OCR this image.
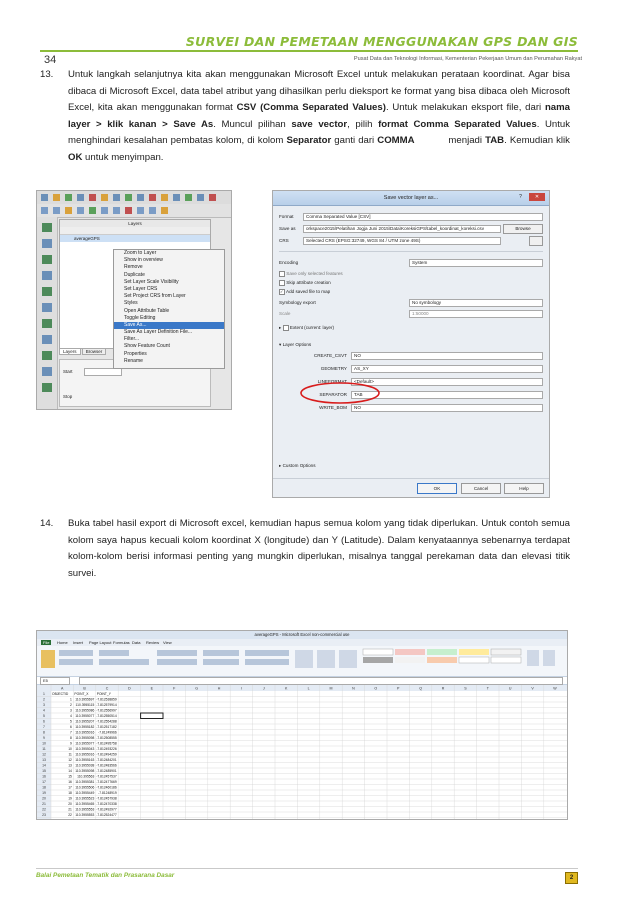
SURVEI DAN PEMETAAN MENGGUNAKAN GPS DAN GIS
34	Pusat Data dan Teknologi Informasi, Kementerian Pekerjaan Umum dan Perumahan Rakyat
13. Untuk langkah selanjutnya kita akan menggunakan Microsoft Excel untuk melakukan perataan koordinat. Agar bisa dibaca di Microsoft Excel, data tabel atribut yang dihasilkan perlu dieksport ke format yang bisa dibaca oleh Microsoft Excel, kita akan menggunakan format CSV (Comma Separated Values). Untuk melakukan eksport file, dari nama layer > klik kanan > Save As. Muncul pilihan save vector, pilih format Comma Separated Values. Untuk menghindari kesalahan pembatas kolom, di kolom Separator ganti dari COMMA           menjadi TAB. Kemudian klik OK untuk menyimpan.
Layers
averageGPS
Layers Browser
Start
Stop
Zoom to Layer
Show in overview
Remove
Duplicate
Set Layer Scale Visibility
Set Layer CRS
Set Project CRS from Layer
Styles
Open Attribute Table
Toggle Editing
Save As...
Save As Layer Definition File...
Filter...
Show Feature Count
Properties
Rename
Save vector layer as...	?	✕
Format	Comma Separated Value [CSV]
Save as	orkspace2015\Pelatihan Jogja Juni 2015\Data\KoreksiGPS\tabel_koordinat_koreksi.csv	Browse
CRS	Selected CRS (EPSG:32749, WGS 84 / UTM zone 49S)
Encoding	System
Save only selected features
Skip attribute creation
✓ Add saved file to map
Symbology export	No symbology
Scale	1:50000
▸  Extent (current: layer)
▾ Layer Options
CREATE_CSVT	NO
GEOMETRY	AS_XY
LINEFORMAT	<Default>
SEPARATOR	TAB
WRITE_BOM	NO
▸ Custom Options
OK	Cancel	Help
14. Buka tabel hasil export di Microsoft excel, kemudian hapus semua kolom yang tidak diperlukan. Untuk contoh semua kolom saya hapus kecuali kolom koordinat X (longitude) dan Y (Latitude). Dalam kenyataannya sebenarnya terdapat kolom-kolom berisi informasi penting yang mungkin diperlukan, misalnya tanggal perekaman data dan elevasi titik survei.
averageGPS - Microsoft Excel non-commercial use
File	Home Insert Page Layout Formulas Data Review View
E5
A	B	C	D	E	F	G	H	I	J	K	L	M	N	O	P	Q	R	S	T	U	V	W
1 OBJECTID POINT_X	POINT_Y
2	1 110.3955697 -7.812538859
3	2 110.3955115 -7.812579914
4	3 110.3955086 -7.812556997
5	4 110.3955077 -7.812550514
6	5 110.3955207 -7.812554288
7	6 110.3955182 -7.812517182
8	7 110.3955016 -7.81249966
9	8 110.3955098 -7.812508555
10	9 110.3955077 -7.812495758
11	10 110.3955043 -7.812493226
12	11 110.3955016 -7.812494259
13	12 110.3955163 -7.812484201
14	13 110.3955038 -7.812483566
15	14 110.3955098 -7.812485901
16	15 110.395563 -7.812457537
17	16 110.3955381 -7.812477669
18	17 110.3955506 -7.812460186
19	18 110.3955449 -7.81248919
20	19 110.3955523 -7.812457938
21	20 110.3955465 -7.812470338
22	21 110.3955553 -7.812492977
23	22 110.3955553 -7.812524477
Balai Pemetaan Tematik dan Prasarana Dasar	2
